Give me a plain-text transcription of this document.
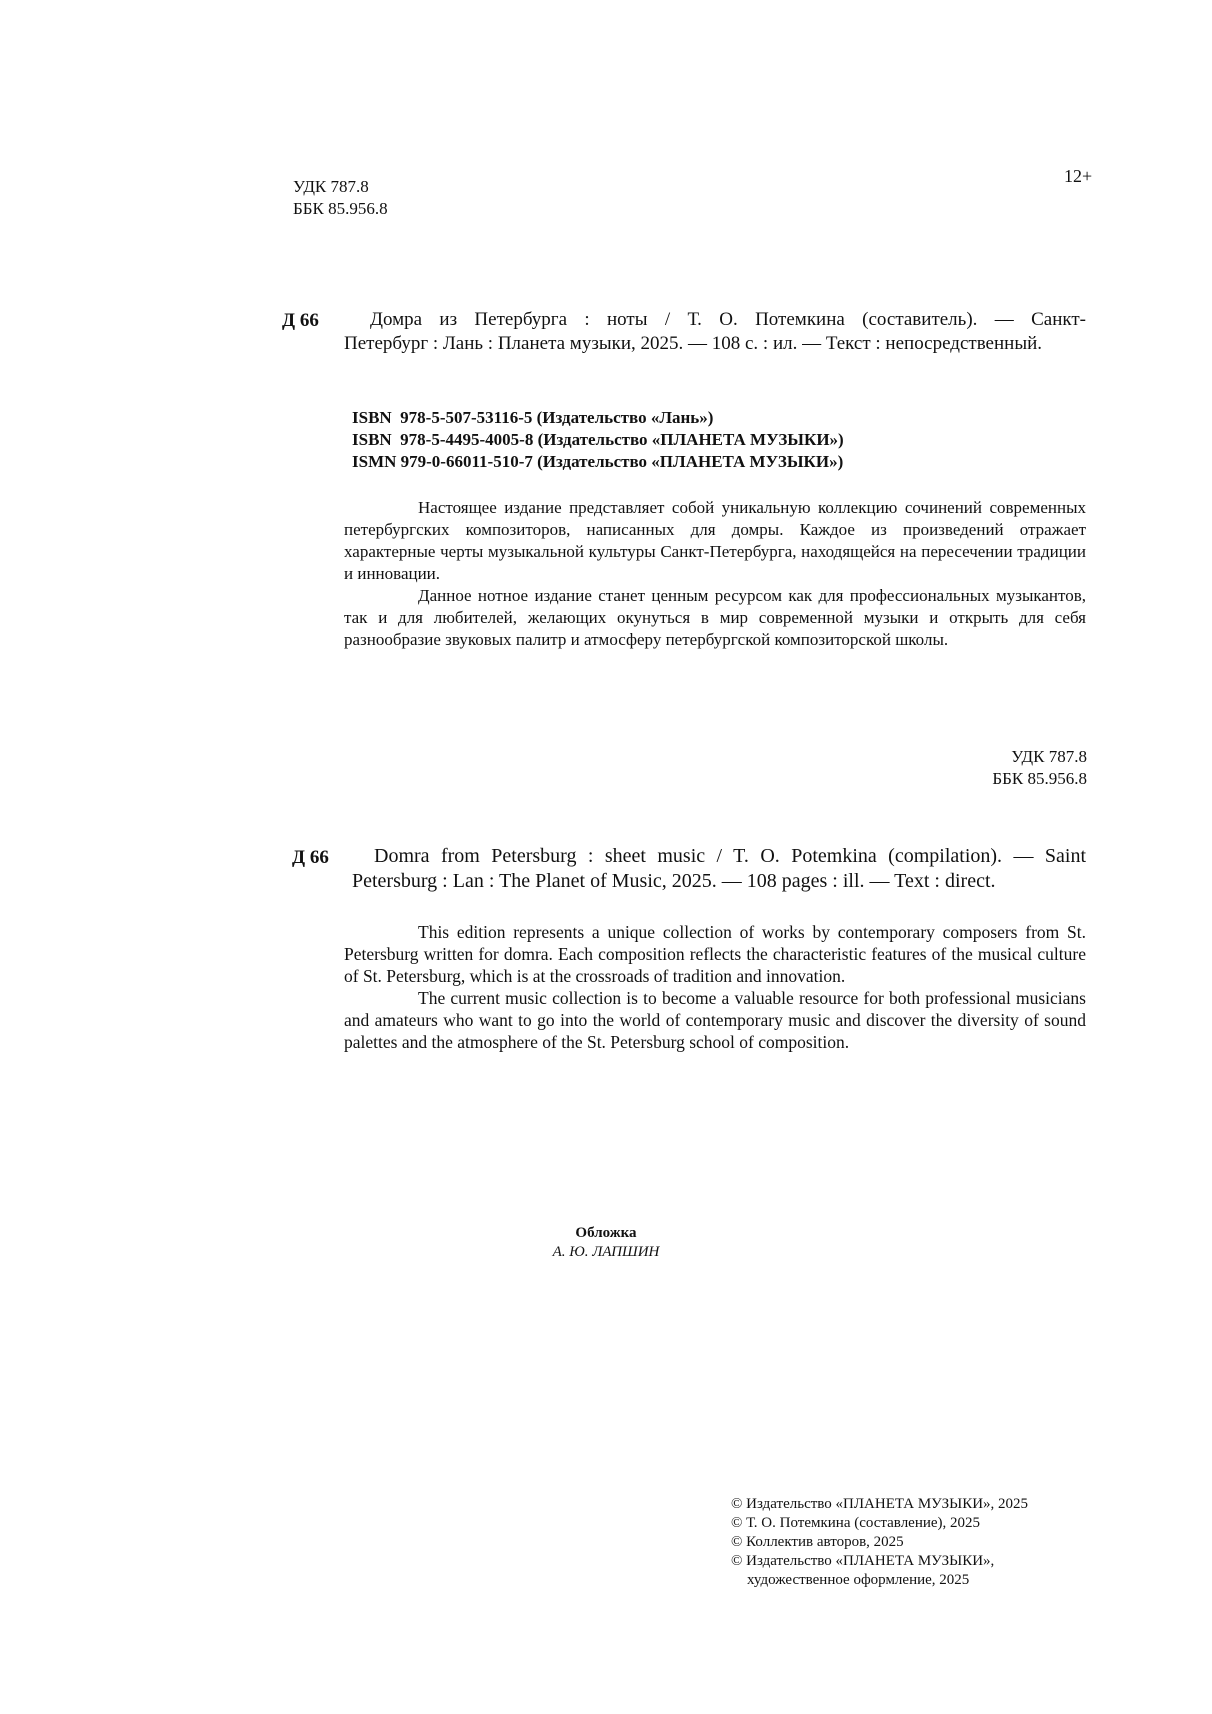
УДК 787.8
ББК 85.956.8
12+
Д 66	Домра из Петербурга : ноты / Т. О. Потемкина (составитель). — Санкт-
Петербург : Лань : Планета музыки, 2025. — 108 с. : ил. — Текст : непосредственный.
ISBN  978-5-507-53116-5 (Издательство «Лань»)
ISBN  978-5-4495-4005-8 (Издательство «ПЛАНЕТА МУЗЫКИ»)
ISMN 979-0-66011-510-7 (Издательство «ПЛАНЕТА МУЗЫКИ»)

Настоящее издание представляет собой уникальную коллекцию сочинений современных петербургских композиторов, написанных для домры. Каждое из произведений отражает характерные черты музыкальной культуры Санкт-Петербурга, находящейся на пересечении традиции и инновации.

Данное нотное издание станет ценным ресурсом как для профессиональных музыкантов, так и для любителей, желающих окунуться в мир современной музыки и открыть для себя разнообразие звуковых палитр и атмосферу петербургской композиторской школы.

УДК 787.8
ББК 85.956.8
Д 66	Domra from Petersburg : sheet music / T. O. Potemkina (compilation). — Saint
Petersburg : Lan : The Planet of Music, 2025. — 108 pages : ill. — Text : direct.

This edition represents a unique collection of works by contemporary composers from St. Petersburg written for domra. Each composition reflects the characteristic features of the musical culture of St. Petersburg, which is at the crossroads of tradition and innovation.

The current music collection is to become a valuable resource for both professional musicians and amateurs who want to go into the world of contemporary music and discover the diversity of sound palettes and the atmosphere of the St. Petersburg school of composition.

Обложка
А. Ю. ЛАПШИН
© Издательство «ПЛАНЕТА МУЗЫКИ», 2025
© Т. О. Потемкина (составление), 2025
© Коллектив авторов, 2025
© Издательство «ПЛАНЕТА МУЗЫКИ», художественное оформление, 2025
